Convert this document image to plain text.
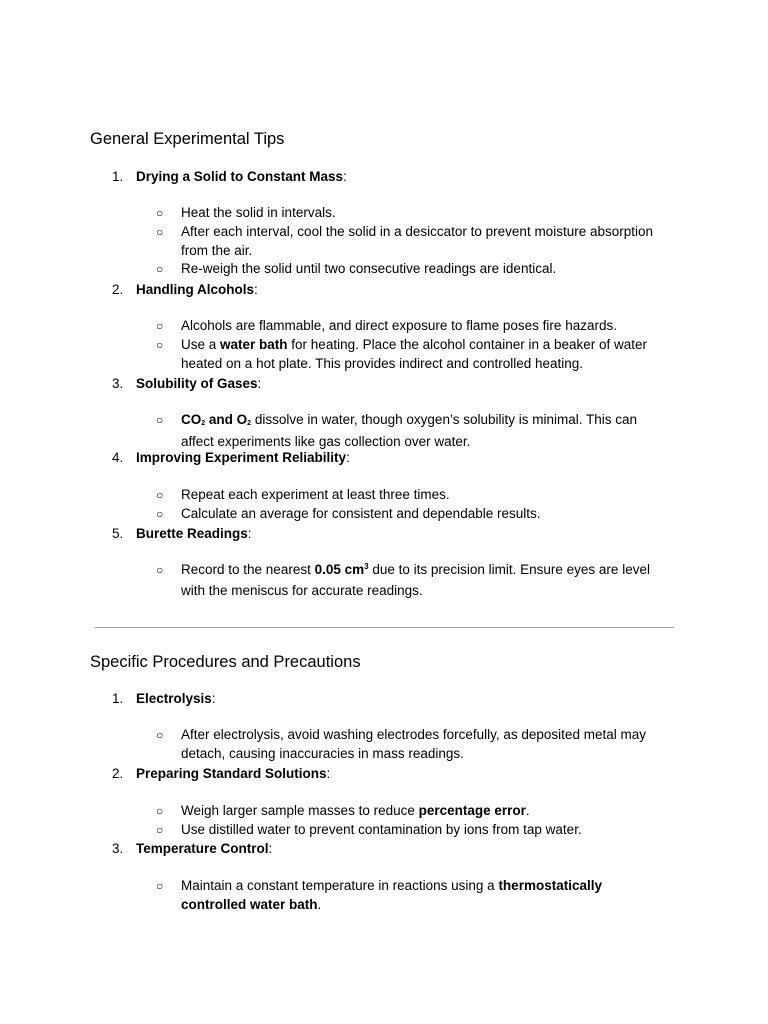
General Experimental Tips
1. Drying a Solid to Constant Mass:
○ Heat the solid in intervals.
○ After each interval, cool the solid in a desiccator to prevent moisture absorption from the air.
○ Re-weigh the solid until two consecutive readings are identical.
2. Handling Alcohols:
○ Alcohols are flammable, and direct exposure to flame poses fire hazards.
○ Use a water bath for heating. Place the alcohol container in a beaker of water heated on a hot plate. This provides indirect and controlled heating.
3. Solubility of Gases:
○ $CO_2$ and $O_2$ dissolve in water, though oxygen’s solubility is minimal. This can affect experiments like gas collection over water.
4. Improving Experiment Reliability:
○ Repeat each experiment at least three times.
○ Calculate an average for consistent and dependable results.
5. Burette Readings:
○ Record to the nearest 0.05 $cm^3$ due to its precision limit. Ensure eyes are level with the meniscus for accurate readings.
Specific Procedures and Precautions
1. Electrolysis:
○ After electrolysis, avoid washing electrodes forcefully, as deposited metal may detach, causing inaccuracies in mass readings.
2. Preparing Standard Solutions:
○ Weigh larger sample masses to reduce percentage error.
○ Use distilled water to prevent contamination by ions from tap water.
3. Temperature Control:
○ Maintain a constant temperature in reactions using a thermostatically controlled water bath.
